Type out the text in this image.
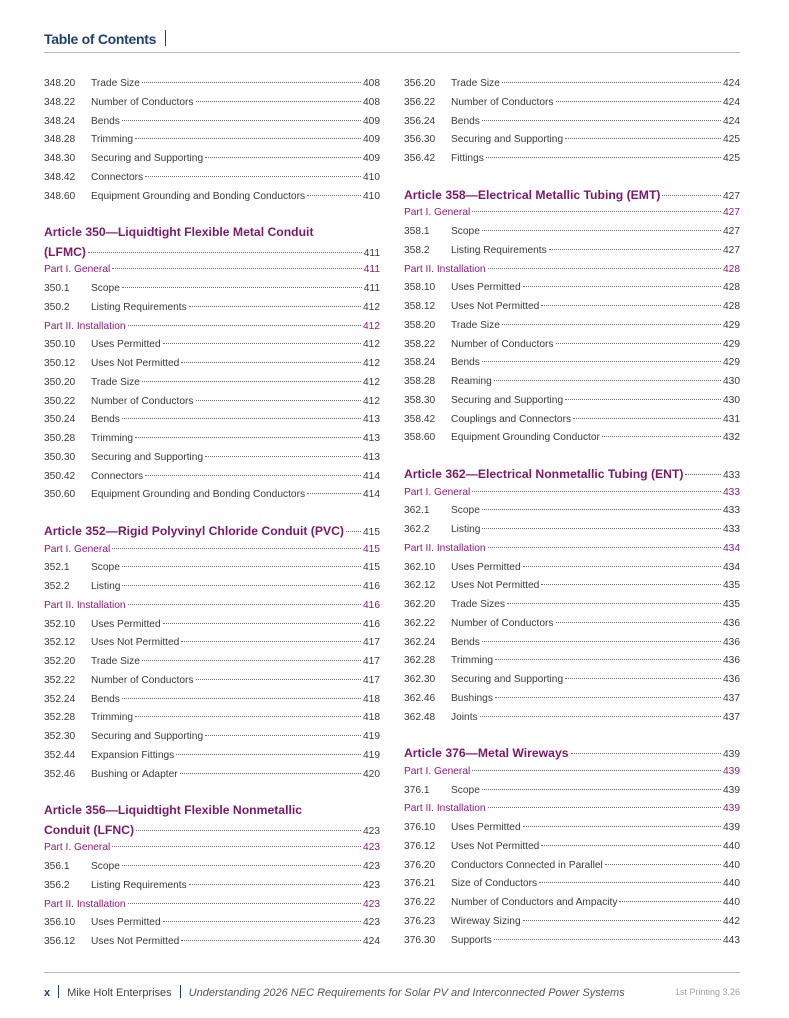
Table of Contents
348.20	Trade Size	408
348.22	Number of Conductors	408
348.24	Bends	409
348.28	Trimming	409
348.30	Securing and Supporting	409
348.42	Connectors	410
348.60	Equipment Grounding and Bonding Conductors	410
Article 350—Liquidtight Flexible Metal Conduit
(LFMC)	411
Part I. General	411
350.1	Scope	411
350.2	Listing Requirements	412
Part II. Installation	412
350.10	Uses Permitted	412
350.12	Uses Not Permitted	412
350.20	Trade Size	412
350.22	Number of Conductors	412
350.24	Bends	413
350.28	Trimming	413
350.30	Securing and Supporting	413
350.42	Connectors	414
350.60	Equipment Grounding and Bonding Conductors	414
Article 352—Rigid Polyvinyl Chloride Conduit (PVC) 415
Part I. General	415
352.1	Scope	415
352.2	Listing	416
Part II. Installation	416
352.10	Uses Permitted	416
352.12	Uses Not Permitted	417
352.20	Trade Size	417
352.22	Number of Conductors	417
352.24	Bends	418
352.28	Trimming	418
352.30	Securing and Supporting	419
352.44	Expansion Fittings	419
352.46	Bushing or Adapter	420
Article 356—Liquidtight Flexible Nonmetallic
Conduit (LFNC)	423
Part I. General	423
356.1	Scope	423
356.2	Listing Requirements	423
Part II. Installation	423
356.10	Uses Permitted	423
356.12	Uses Not Permitted	424
356.20	Trade Size	424
356.22	Number of Conductors	424
356.24	Bends	424
356.30	Securing and Supporting	425
356.42	Fittings	425
Article 358—Electrical Metallic Tubing (EMT)	427
Part I. General	427
358.1	Scope	427
358.2	Listing Requirements	427
Part II. Installation	428
358.10	Uses Permitted	428
358.12	Uses Not Permitted	428
358.20	Trade Size	429
358.22	Number of Conductors	429
358.24	Bends	429
358.28	Reaming	430
358.30	Securing and Supporting	430
358.42	Couplings and Connectors	431
358.60	Equipment Grounding Conductor	432
Article 362—Electrical Nonmetallic Tubing (ENT)	433
Part I. General	433
362.1	Scope	433
362.2	Listing	433
Part II. Installation	434
362.10	Uses Permitted	434
362.12	Uses Not Permitted	435
362.20	Trade Sizes	435
362.22	Number of Conductors	436
362.24	Bends	436
362.28	Trimming	436
362.30	Securing and Supporting	436
362.46	Bushings	437
362.48	Joints	437
Article 376—Metal Wireways	439
Part I. General	439
376.1	Scope	439
Part II. Installation	439
376.10	Uses Permitted	439
376.12	Uses Not Permitted	440
376.20	Conductors Connected in Parallel	440
376.21	Size of Conductors	440
376.22	Number of Conductors and Ampacity	440
376.23	Wireway Sizing	442
376.30	Supports	443
x Mike Holt Enterprises Understanding 2026 NEC Requirements for Solar PV and Interconnected Power Systems	1st Printing 3.26
